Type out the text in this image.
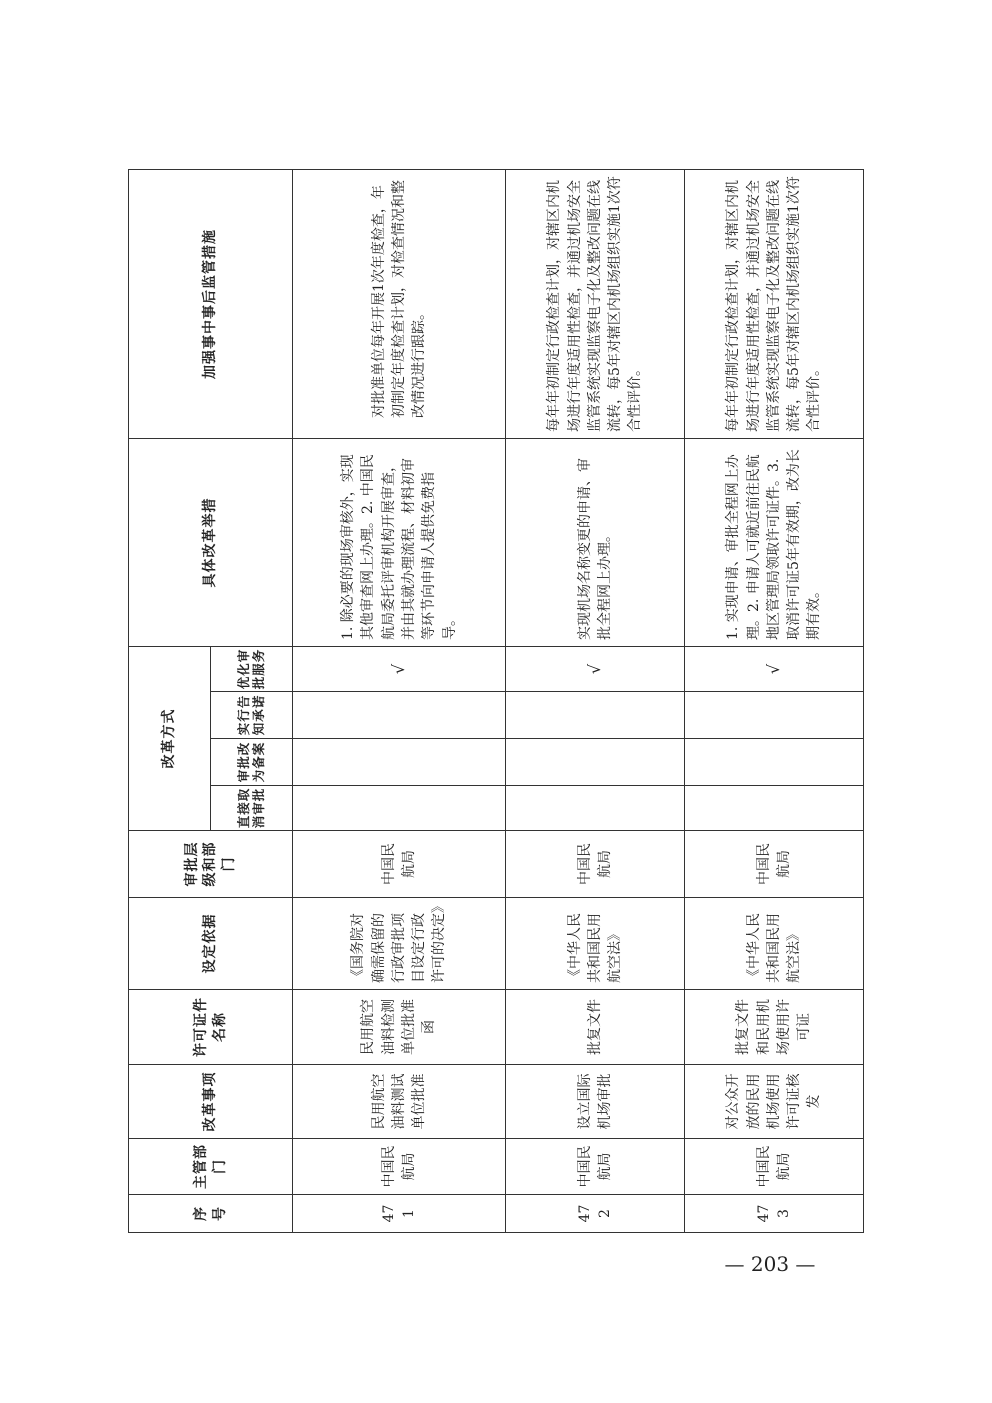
序号	主管部门	改革事项	许可证件名称	设定依据	审批层级和部门	改革方式				具体改革举措	加强事中事后监管措施
						直接取消审批	审批改为备案	实行告知承诺	优化审批服务		
471	中国民航局	民用航空油料测试单位批准	民用航空油料检测单位批准函	《国务院对确需保留的行政审批项目设定行政许可的决定》	中国民航局				√	1. 除必要的现场审核外，实现其他审查网上办理。2. 中国民航局委托评审机构开展审查，并由其就办理流程、材料初审等环节向申请人提供免费指导。	对批准单位每年开展1次年度检查，年初制定年度检查计划，对检查情况和整改情况进行跟踪。
472	中国民航局	设立国际机场审批	批复文件	《中华人民共和国民用航空法》	中国民航局				√	实现机场名称变更的申请、审批全程网上办理。	每年年初制定行政检查计划，对辖区内机场进行年度适用性检查，并通过机场安全监管系统实现监察电子化及整改问题在线流转，每5年对辖区内机场组织实施1次符合性评价。
473	中国民航局	对公众开放的民用机场使用许可证核发	批复文件和民用机场使用许可证	《中华人民共和国民用航空法》	中国民航局				√	1. 实现申请、审批全程网上办理。2. 申请人可就近前往民航地区管理局领取许可证件。3. 取消许可证5年有效期，改为长期有效。	每年年初制定行政检查计划，对辖区内机场进行年度适用性检查，并通过机场安全监管系统实现监察电子化及整改问题在线流转，每5年对辖区内机场组织实施1次符合性评价。
— 203 —
